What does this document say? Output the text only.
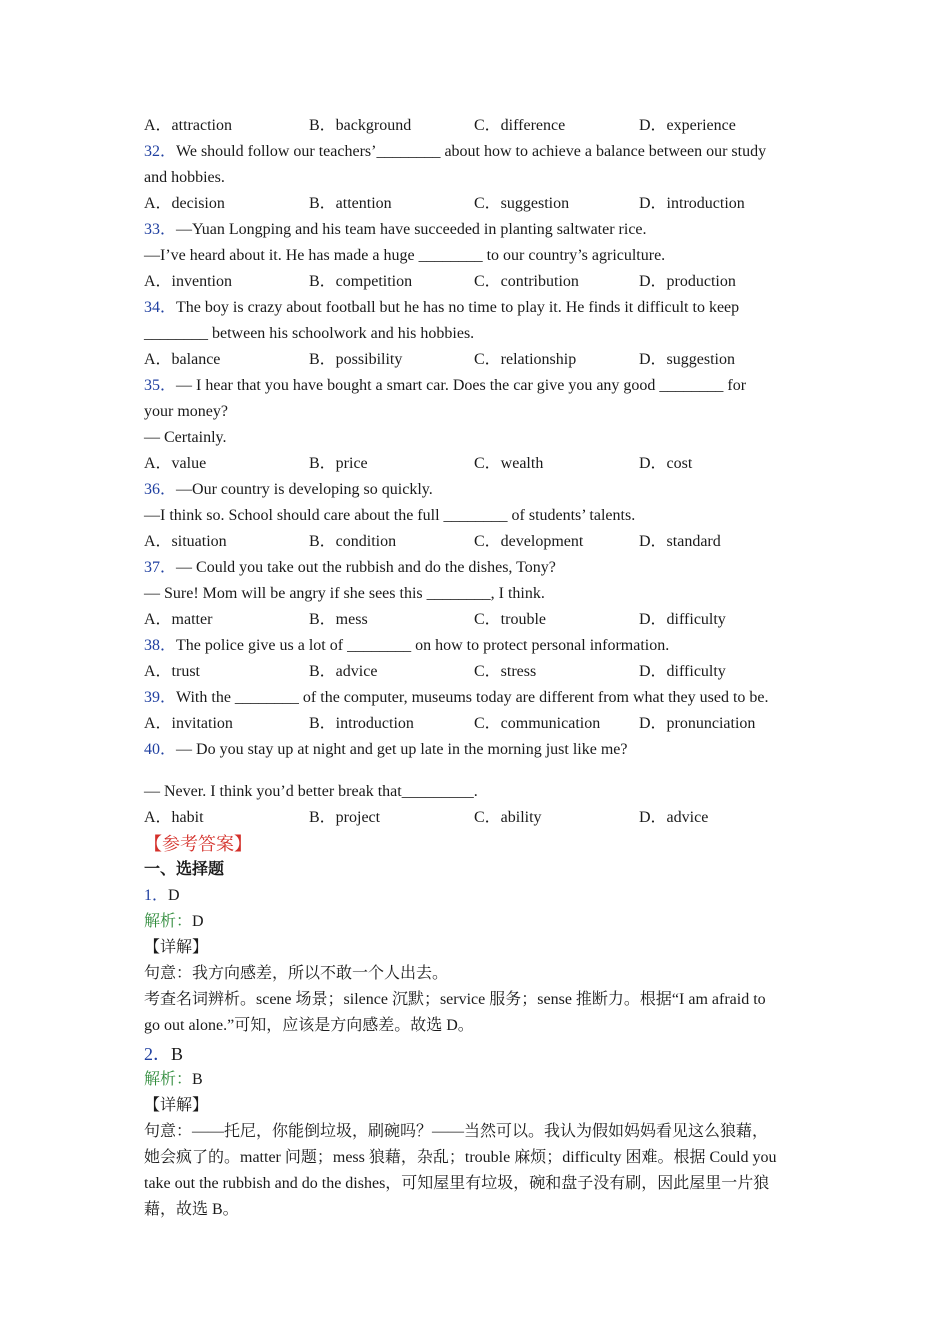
A．attraction	B．background	C．difference	D．experience
32．We should follow our teachers’________ about how to achieve a balance between our study
and hobbies.
A．decision	B．attention	C．suggestion	D．introduction
33．—Yuan Longping and his team have succeeded in planting saltwater rice.
—I’ve heard about it. He has made a huge ________ to our country’s agriculture.
A．invention	B．competition	C．contribution	D．production
34．The boy is crazy about football but he has no time to play it. He finds it difficult to keep
________ between his schoolwork and his hobbies.
A．balance	B．possibility	C．relationship	D．suggestion
35．— I hear that you have bought a smart car. Does the car give you any good ________ for
your money?
— Certainly.
A．value	B．price	C．wealth	D．cost
36．—Our country is developing so quickly.
—I think so. School should care about the full ________ of students’ talents.
A．situation	B．condition	C．development	D．standard
37．— Could you take out the rubbish and do the dishes, Tony?
— Sure! Mom will be angry if she sees this ________, I think.
A．matter	B．mess	C．trouble	D．difficulty
38．The police give us a lot of ________ on how to protect personal information.
A．trust	B．advice	C．stress	D．difficulty
39．With the ________ of the computer, museums today are different from what they used to be.
A．invitation	B．introduction	C．communication	D．pronunciation
40．— Do you stay up at night and get up late in the morning just like me?
— Never. I think you’d better break that_________.
A．habit	B．project	C．ability	D．advice
【参考答案】
一、选择题
1．D
解析：D
【详解】
句意：我方向感差，所以不敢一个人出去。
考查名词辨析。scene 场景；silence 沉默；service 服务；sense 推断力。根据“I am afraid to
go out alone.”可知，应该是方向感差。故选 D。
2．B
解析：B
【详解】
句意：——托尼，你能倒垃圾，刷碗吗？——当然可以。我认为假如妈妈看见这么狼藉，
她会疯了的。matter 问题；mess 狼藉，杂乱；trouble 麻烦；difficulty 困难。根据 Could you
take out the rubbish and do the dishes，可知屋里有垃圾，碗和盘子没有刷，因此屋里一片狼
藉，故选 B。
